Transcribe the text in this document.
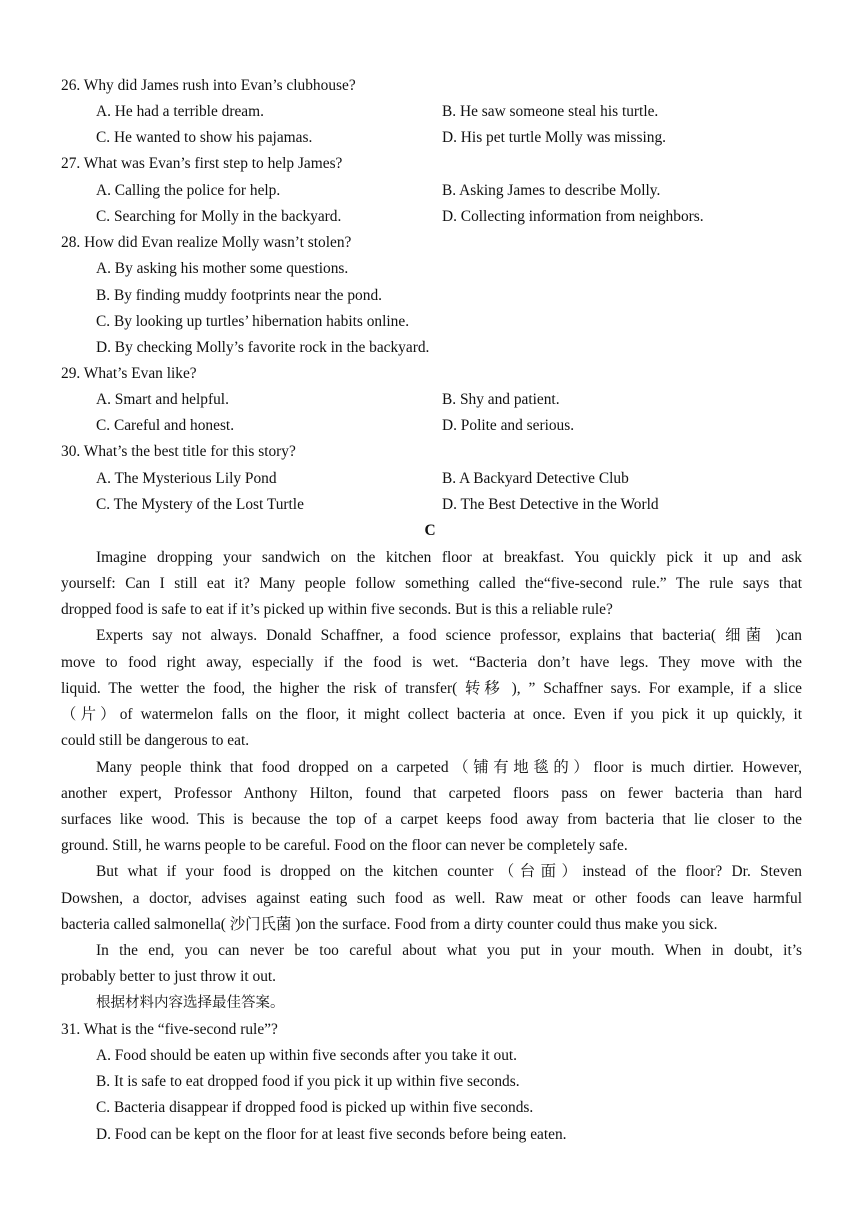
26. Why did James rush into Evan’s clubhouse?
A. He had a terrible dream.	B. He saw someone steal his turtle.
C. He wanted to show his pajamas.	D. His pet turtle Molly was missing.
27. What was Evan’s first step to help James?
A. Calling the police for help.	B. Asking James to describe Molly.
C. Searching for Molly in the backyard.	D. Collecting information from neighbors.
28. How did Evan realize Molly wasn’t stolen?
A. By asking his mother some questions.
B. By finding muddy footprints near the pond.
C. By looking up turtles’ hibernation habits online.
D. By checking Molly’s favorite rock in the backyard.
29. What’s Evan like?
A. Smart and helpful.	B. Shy and patient.
C. Careful and honest.	D. Polite and serious.
30. What’s the best title for this story?
A. The Mysterious Lily Pond	B. A Backyard Detective Club
C. The Mystery of the Lost Turtle	D. The Best Detective in the World
C
Imagine dropping your sandwich on the kitchen floor at breakfast. You quickly pick it up and ask
yourself: Can I still eat it? Many people follow something called the“five-second rule.” The rule says that
dropped food is safe to eat if it’s picked up within five seconds. But is this a reliable rule?
Experts say not always. Donald Schaffner, a food science professor, explains that bacteria( 细菌 )can
move to food right away, especially if the food is wet. “Bacteria don’t have legs. They move with the
liquid. The wetter the food, the higher the risk of transfer( 转移 ), ” Schaffner says. For example, if a slice
（片）of watermelon falls on the floor, it might collect bacteria at once. Even if you pick it up quickly, it
could still be dangerous to eat.
Many people think that food dropped on a carpeted（铺有地毯的）floor is much dirtier. However,
another expert, Professor Anthony Hilton, found that carpeted floors pass on fewer bacteria than hard
surfaces like wood. This is because the top of a carpet keeps food away from bacteria that lie closer to the
ground. Still, he warns people to be careful. Food on the floor can never be completely safe.
But what if your food is dropped on the kitchen counter（台面）instead of the floor? Dr. Steven
Dowshen, a doctor, advises against eating such food as well. Raw meat or other foods can leave harmful
bacteria called salmonella( 沙门氏菌 )on the surface. Food from a dirty counter could thus make you sick.
In the end, you can never be too careful about what you put in your mouth. When in doubt, it’s
probably better to just throw it out.
根据材料内容选择最佳答案。
31. What is the “five-second rule”?
A. Food should be eaten up within five seconds after you take it out.
B. It is safe to eat dropped food if you pick it up within five seconds.
C. Bacteria disappear if dropped food is picked up within five seconds.
D. Food can be kept on the floor for at least five seconds before being eaten.
